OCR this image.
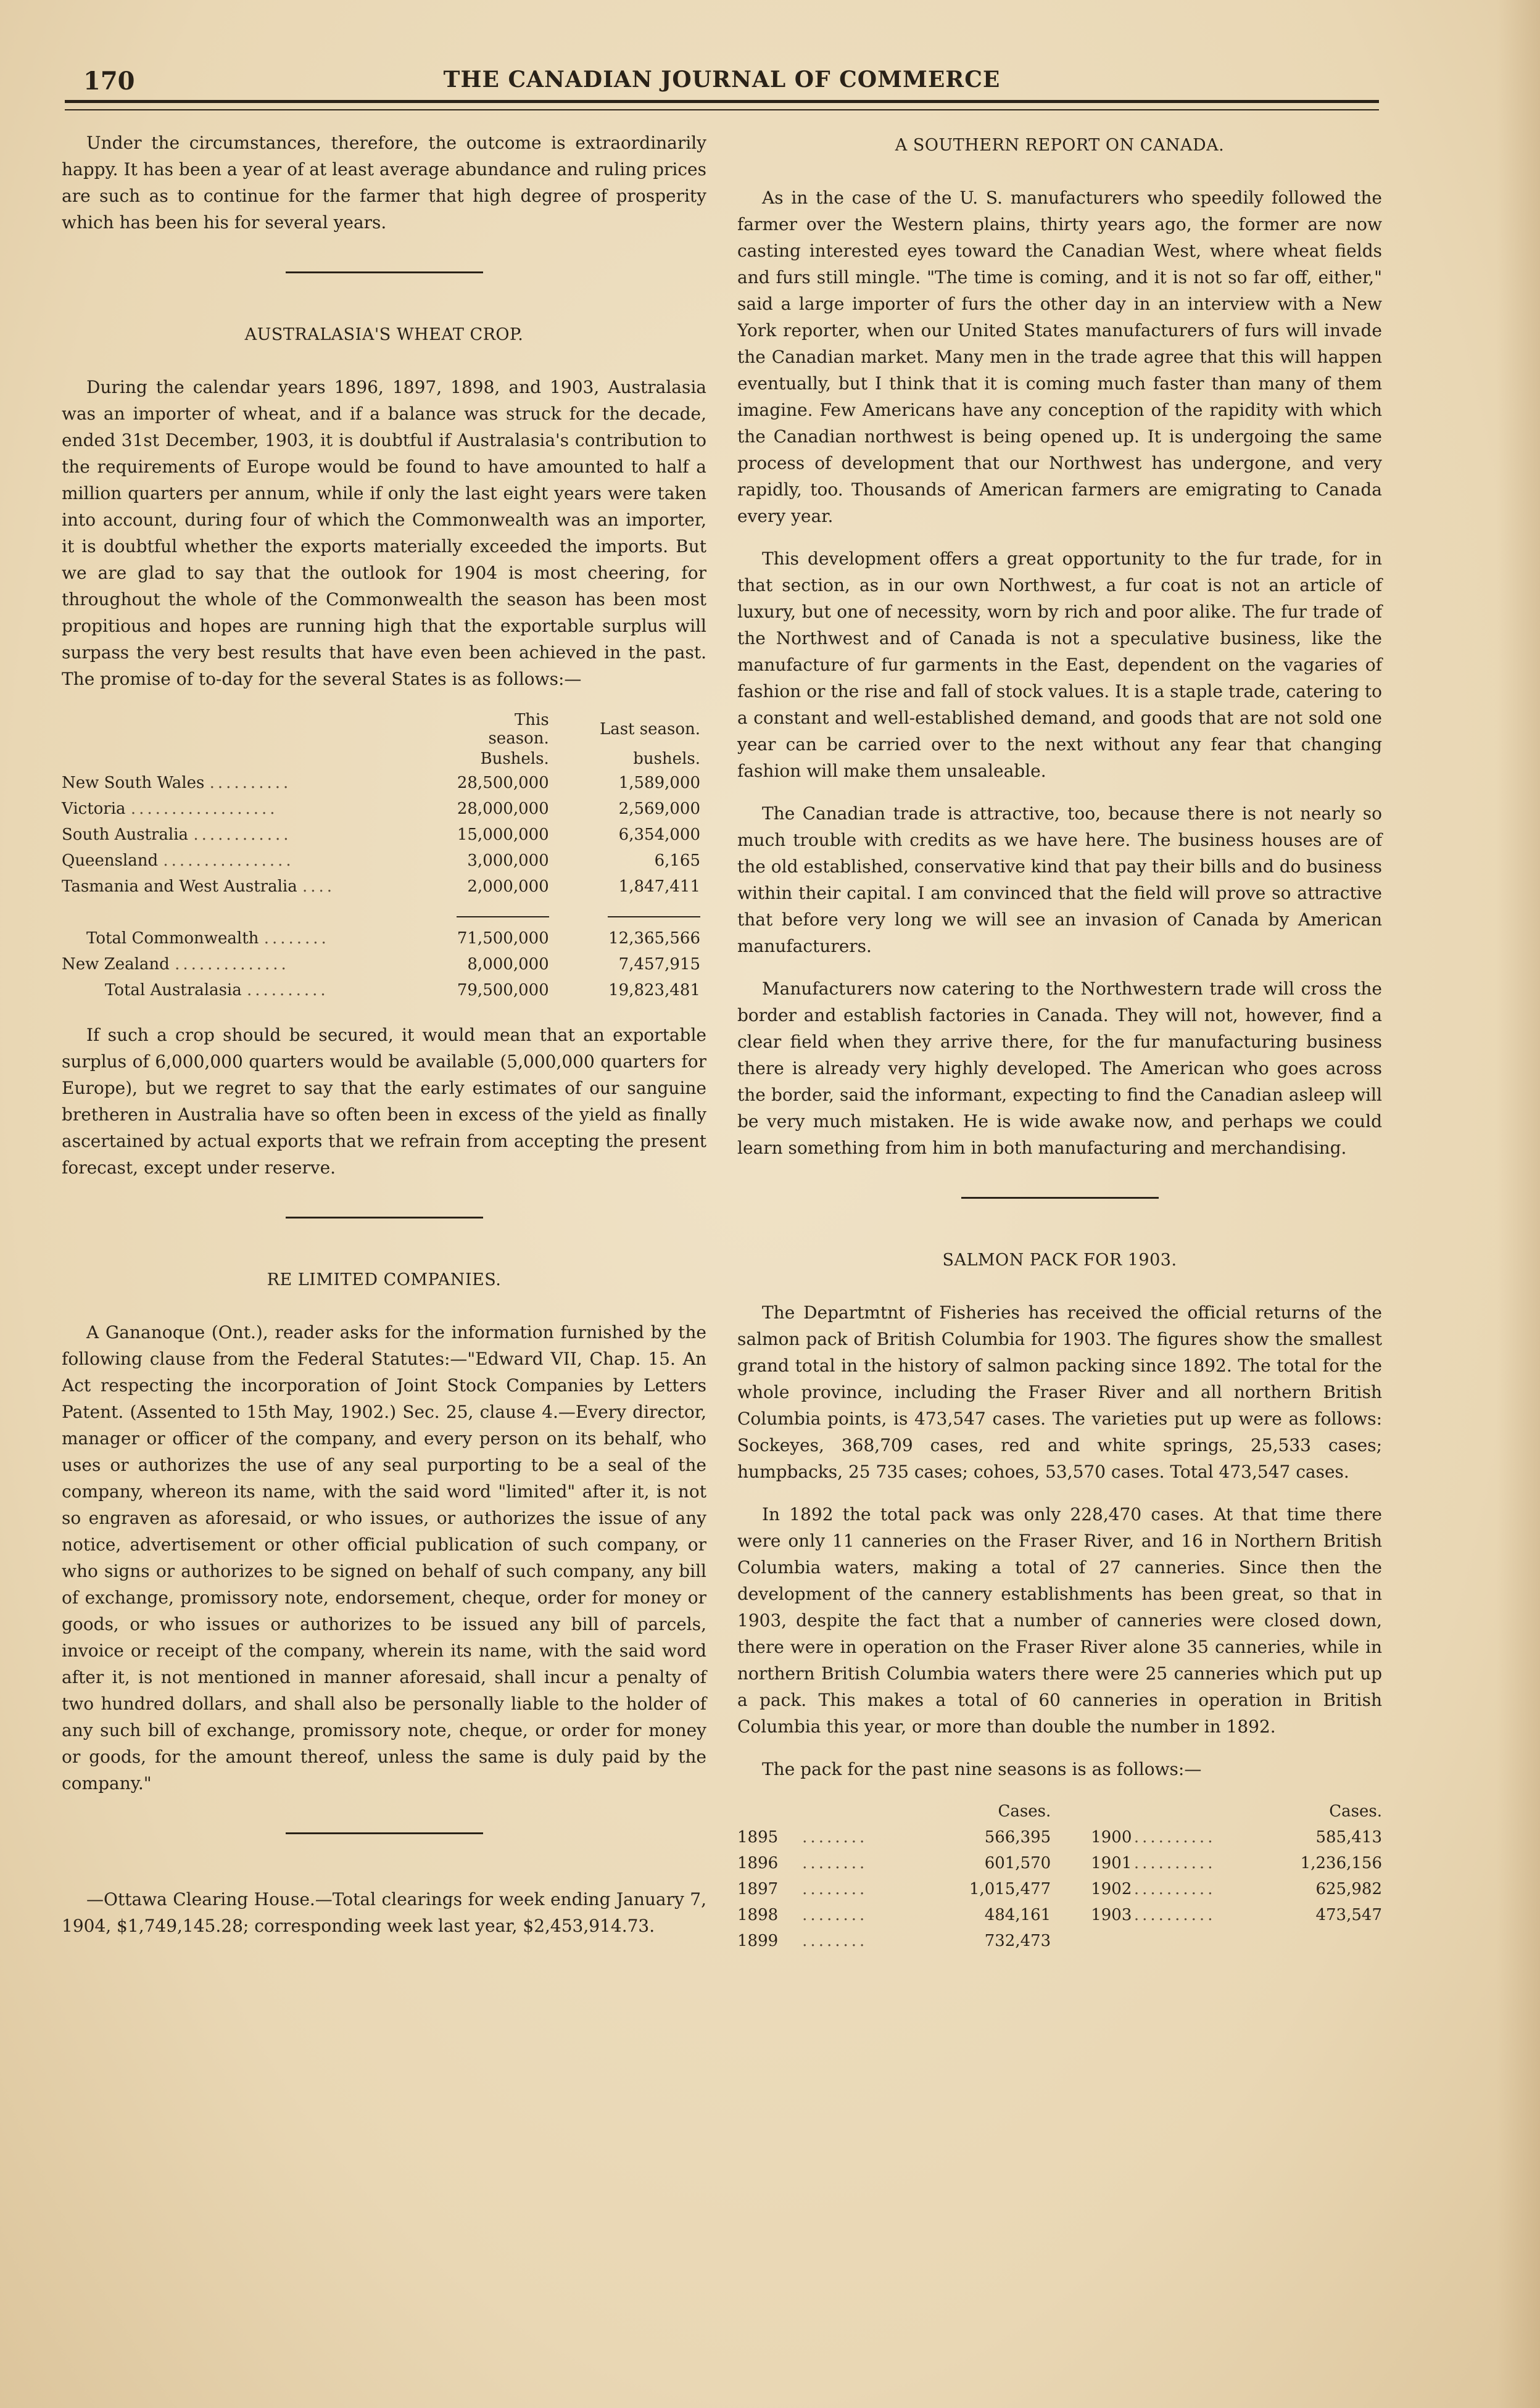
THE CANADIAN JOURNAL OF COMMERCE
170

Under the circumstances, therefore, the outcome is extraordinarily happy. It has been a year of at least average abundance and ruling prices are such as to continue for the farmer that high degree of prosperity which has been his for several years.

AUSTRALASIA'S WHEAT CROP.

During the calendar years 1896, 1897, 1898, and 1903, Australasia was an importer of wheat, and if a balance was struck for the decade, ended 31st December, 1903, it is doubtful if Australasia's contribution to the requirements of Europe would be found to have amounted to half a million quarters per annum, while if only the last eight years were taken into account, during four of which the Commonwealth was an importer, it is doubtful whether the exports materially exceeded the imports. But we are glad to say that the outlook for 1904 is most cheering, for throughout the whole of the Commonwealth the season has been most propitious and hopes are running high that the exportable surplus will surpass the very best results that have even been achieved in the past. The promise of to-day for the several States is as follows:—

	This season.	Last season.
	Bushels.	bushels.
New South Wales ..........	28,500,000	1,589,000
Victoria ..................	28,000,000	2,569,000
South Australia ............	15,000,000	6,354,000
Queensland ................	3,000,000	6,165
Tasmania and West Australia ....	2,000,000	1,847,411

Total Commonwealth ........	71,500,000	12,365,566
New Zealand ..............	8,000,000	7,457,915
Total Australasia ..........	79,500,000	19,823,481

If such a crop should be secured, it would mean that an exportable surplus of 6,000,000 quarters would be available (5,000,000 quarters for Europe), but we regret to say that the early estimates of our sanguine bretheren in Australia have so often been in excess of the yield as finally ascertained by actual exports that we refrain from accepting the present forecast, except under reserve.

RE LIMITED COMPANIES.

A Gananoque (Ont.), reader asks for the information furnished by the following clause from the Federal Statutes:—"Edward VII, Chap. 15. An Act respecting the incorporation of Joint Stock Companies by Letters Patent. (Assented to 15th May, 1902.) Sec. 25, clause 4.—Every director, manager or officer of the company, and every person on its behalf, who uses or authorizes the use of any seal purporting to be a seal of the company, whereon its name, with the said word "limited" after it, is not so engraven as aforesaid, or who issues, or authorizes the issue of any notice, advertisement or other official publication of such company, or who signs or authorizes to be signed on behalf of such company, any bill of exchange, promissory note, endorsement, cheque, order for money or goods, or who issues or authorizes to be issued any bill of parcels, invoice or receipt of the company, wherein its name, with the said word after it, is not mentioned in manner aforesaid, shall incur a penalty of two hundred dollars, and shall also be personally liable to the holder of any such bill of exchange, promissory note, cheque, or order for money or goods, for the amount thereof, unless the same is duly paid by the company."

—Ottawa Clearing House.—Total clearings for week ending January 7, 1904, $1,749,145.28; corresponding week last year, $2,453,914.73.

A SOUTHERN REPORT ON CANADA.

As in the case of the U. S. manufacturers who speedily followed the farmer over the Western plains, thirty years ago, the former are now casting interested eyes toward the Canadian West, where wheat fields and furs still mingle. "The time is coming, and it is not so far off, either," said a large importer of furs the other day in an interview with a New York reporter, when our United States manufacturers of furs will invade the Canadian market. Many men in the trade agree that this will happen eventually, but I think that it is coming much faster than many of them imagine. Few Americans have any conception of the rapidity with which the Canadian northwest is being opened up. It is undergoing the same process of development that our Northwest has undergone, and very rapidly, too. Thousands of American farmers are emigrating to Canada every year.

This development offers a great opportunity to the fur trade, for in that section, as in our own Northwest, a fur coat is not an article of luxury, but one of necessity, worn by rich and poor alike. The fur trade of the Northwest and of Canada is not a speculative business, like the manufacture of fur garments in the East, dependent on the vagaries of fashion or the rise and fall of stock values. It is a staple trade, catering to a constant and well-established demand, and goods that are not sold one year can be carried over to the next without any fear that changing fashion will make them unsaleable.

The Canadian trade is attractive, too, because there is not nearly so much trouble with credits as we have here. The business houses are of the old established, conservative kind that pay their bills and do business within their capital. I am convinced that the field will prove so attractive that before very long we will see an invasion of Canada by American manufacturers.

Manufacturers now catering to the Northwestern trade will cross the border and establish factories in Canada. They will not, however, find a clear field when they arrive there, for the fur manufacturing business there is already very highly developed. The American who goes across the border, said the informant, expecting to find the Canadian asleep will be very much mistaken. He is wide awake now, and perhaps we could learn something from him in both manufacturing and merchandising.

SALMON PACK FOR 1903.

The Departmtnt of Fisheries has received the official returns of the salmon pack of British Columbia for 1903. The figures show the smallest grand total in the history of salmon packing since 1892. The total for the whole province, including the Fraser River and all northern British Columbia points, is 473,547 cases. The varieties put up were as follows: Sockeyes, 368,709 cases, red and white springs, 25,533 cases; humpbacks, 25 735 cases; cohoes, 53,570 cases. Total 473,547 cases.

In 1892 the total pack was only 228,470 cases. At that time there were only 11 canneries on the Fraser River, and 16 in Northern British Columbia waters, making a total of 27 canneries. Since then the development of the cannery establishments has been great, so that in 1903, despite the fact that a number of canneries were closed down, there were in operation on the Fraser River alone 35 canneries, while in northern British Columbia waters there were 25 canneries which put up a pack. This makes a total of 60 canneries in operation in British Columbia this year, or more than double the number in 1892.

The pack for the past nine seasons is as follows:—

		Cases.			Cases.
1895	........	566,395	1900	..........	585,413
1896	........	601,570	1901	..........	1,236,156
1897	........	1,015,477	1902	..........	625,982
1898	........	484,161	1903	..........	473,547
1899	........	732,473			
